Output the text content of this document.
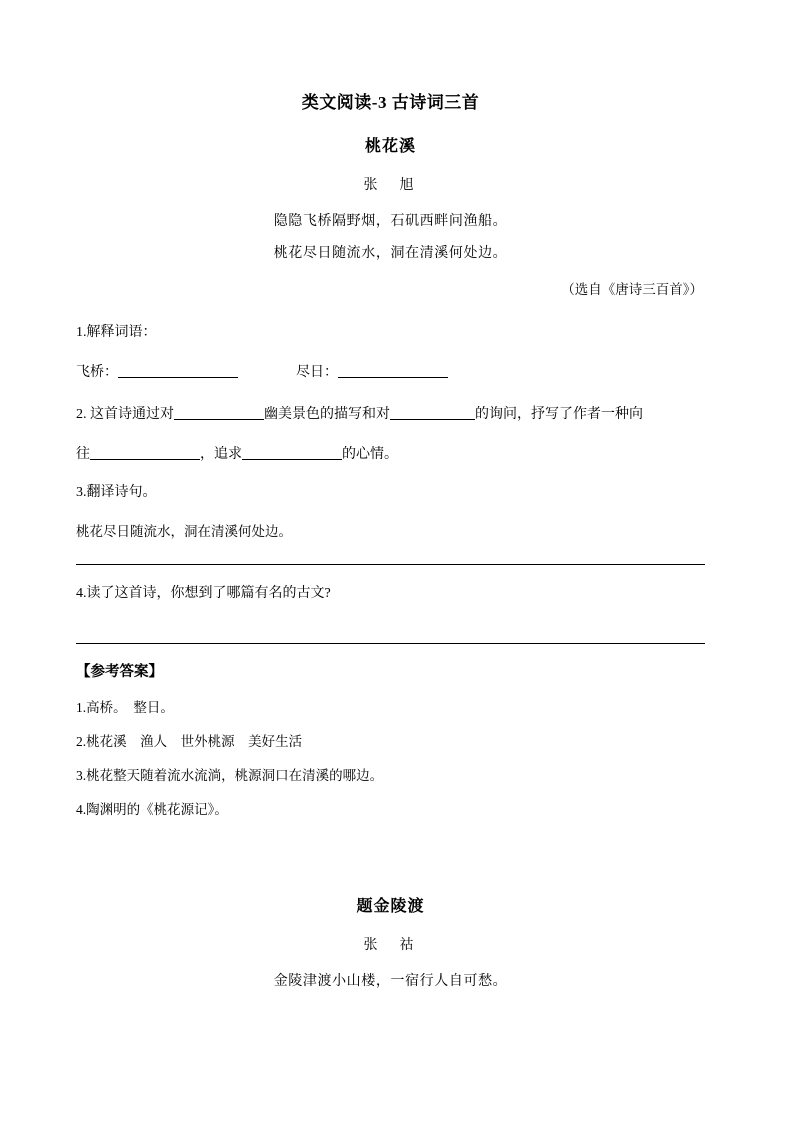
类文阅读-3 古诗词三首
桃花溪
张　旭
隐隐飞桥隔野烟，石矶西畔问渔船。
桃花尽日随流水，洞在清溪何处边。
（选自《唐诗三百首》）
1.解释词语：
飞桥：	尽日：
2. 这首诗通过对	幽美景色的描写和对	的询问，抒写了作者一种向
往	，追求	的心情。
3.翻译诗句。
桃花尽日随流水，洞在清溪何处边。
4.读了这首诗，你想到了哪篇有名的古文?
【参考答案】
1.高桥。　整日。
2.桃花溪　渔人　世外桃源　美好生活
3.桃花整天随着流水流淌，桃源洞口在清溪的哪边。
4.陶渊明的《桃花源记》。
题金陵渡
张　祜
金陵津渡小山楼，一宿行人自可愁。
